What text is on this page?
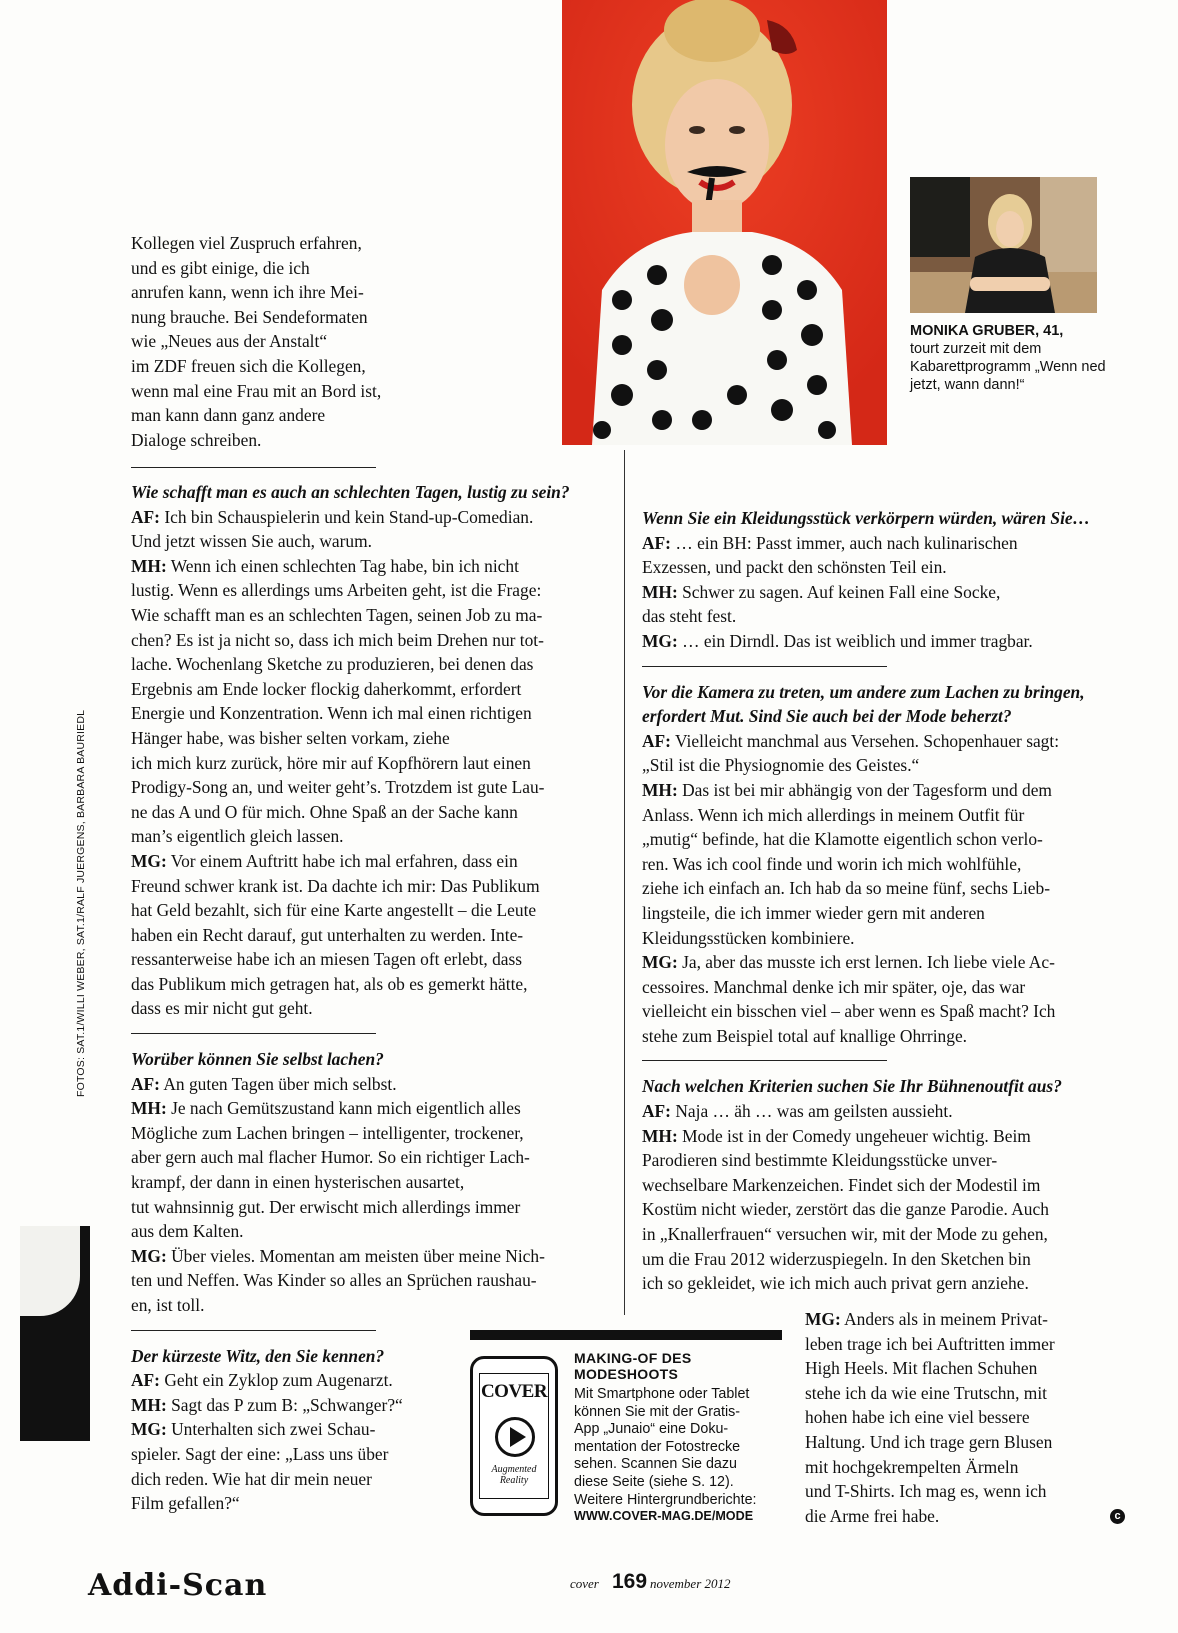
MONIKA GRUBER, 41,
tourt zurzeit mit dem Kabarettprogramm „Wenn ned jetzt, wann dann!“
FOTOS: SAT.1/WILLI WEBER, SAT.1/RALF JUERGENS, BARBARA BAURIEDL

Kollegen viel Zuspruch erfahren,

und es gibt einige, die ich

anrufen kann, wenn ich ihre Mei-

nung brauche. Bei Sendeformaten

wie „Neues aus der Anstalt“

im ZDF freuen sich die Kollegen,

wenn mal eine Frau mit an Bord ist,

man kann dann ganz andere

Dialoge schreiben.

Wie schafft man es auch an schlechten Tagen, lustig zu sein?

AF: Ich bin Schauspielerin und kein Stand-up-Comedian.

Und jetzt wissen Sie auch, warum.

MH: Wenn ich einen schlechten Tag habe, bin ich nicht

lustig. Wenn es allerdings ums Arbeiten geht, ist die Frage:

Wie schafft man es an schlechten Tagen, seinen Job zu ma-

chen? Es ist ja nicht so, dass ich mich beim Drehen nur tot-

lache. Wochenlang Sketche zu produzieren, bei denen das

Ergebnis am Ende locker flockig daherkommt, erfordert

Energie und Konzentration. Wenn ich mal einen richtigen

Hänger habe, was bisher selten vorkam, ziehe

ich mich kurz zurück, höre mir auf Kopfhörern laut einen

Prodigy-Song an, und weiter geht’s. Trotzdem ist gute Lau-

ne das A und O für mich. Ohne Spaß an der Sache kann

man’s eigentlich gleich lassen.

MG: Vor einem Auftritt habe ich mal erfahren, dass ein

Freund schwer krank ist. Da dachte ich mir: Das Publikum

hat Geld bezahlt, sich für eine Karte angestellt – die Leute

haben ein Recht darauf, gut unterhalten zu werden. Inte-

ressanterweise habe ich an miesen Tagen oft erlebt, dass

das Publikum mich getragen hat, als ob es gemerkt hätte,

dass es mir nicht gut geht.

Worüber können Sie selbst lachen?

AF: An guten Tagen über mich selbst.

MH: Je nach Gemütszustand kann mich eigentlich alles

Mögliche zum Lachen bringen – intelligenter, trockener,

aber gern auch mal flacher Humor. So ein richtiger Lach-

krampf, der dann in einen hysterischen ausartet,

tut wahnsinnig gut. Der erwischt mich allerdings immer

aus dem Kalten.

MG: Über vieles. Momentan am meisten über meine Nich-

ten und Neffen. Was Kinder so alles an Sprüchen raushau-

en, ist toll.

Der kürzeste Witz, den Sie kennen?

AF: Geht ein Zyklop zum Augenarzt.

MH: Sagt das P zum B: „Schwanger?“

MG: Unterhalten sich zwei Schau-

spieler. Sagt der eine: „Lass uns über

dich reden. Wie hat dir mein neuer

Film gefallen?“

Wenn Sie ein Kleidungsstück verkörpern würden, wären Sie…

AF: … ein BH: Passt immer, auch nach kulinarischen

Exzessen, und packt den schönsten Teil ein.

MH: Schwer zu sagen. Auf keinen Fall eine Socke,

das steht fest.

MG: … ein Dirndl. Das ist weiblich und immer tragbar.

Vor die Kamera zu treten, um andere zum Lachen zu bringen,

erfordert Mut. Sind Sie auch bei der Mode beherzt?

AF: Vielleicht manchmal aus Versehen. Schopenhauer sagt:

„Stil ist die Physiognomie des Geistes.“

MH: Das ist bei mir abhängig von der Tagesform und dem

Anlass. Wenn ich mich allerdings in meinem Outfit für

„mutig“ befinde, hat die Klamotte eigentlich schon verlo-

ren. Was ich cool finde und worin ich mich wohlfühle,

ziehe ich einfach an. Ich hab da so meine fünf, sechs Lieb-

lingsteile, die ich immer wieder gern mit anderen

Kleidungsstücken kombiniere.

MG: Ja, aber das musste ich erst lernen. Ich liebe viele Ac-

cessoires. Manchmal denke ich mir später, oje, das war

vielleicht ein bisschen viel – aber wenn es Spaß macht? Ich

stehe zum Beispiel total auf knallige Ohrringe.

Nach welchen Kriterien suchen Sie Ihr Bühnenoutfit aus?

AF: Naja … äh … was am geilsten aussieht.

MH: Mode ist in der Comedy ungeheuer wichtig. Beim

Parodieren sind bestimmte Kleidungsstücke unver-

wechselbare Markenzeichen. Findet sich der Modestil im

Kostüm nicht wieder, zerstört das die ganze Parodie. Auch

in „Knallerfrauen“ versuchen wir, mit der Mode zu gehen,

um die Frau 2012 widerzuspiegeln. In den Sketchen bin

ich so gekleidet, wie ich mich auch privat gern anziehe.

MG: Anders als in meinem Privat-

leben trage ich bei Auftritten immer

High Heels. Mit flachen Schuhen

stehe ich da wie eine Trutschn, mit

hohen habe ich eine viel bessere

Haltung. Und ich trage gern Blusen

mit hochgekrempelten Ärmeln

und T-Shirts. Ich mag es, wenn ich

die Arme frei habe.	c

COVER
Augmented
Reality
MAKING-OF DES MODESHOOTS
Mit Smartphone oder Tablet
können Sie mit der Gratis-
App „Junaio“ eine Doku-
mentation der Fotostrecke
sehen. Scannen Sie dazu
diese Seite (siehe S. 12).
Weitere Hintergrundberichte:
WWW.COVER-MAG.DE/MODE
Addi-Scan	cover 169 november 2012
